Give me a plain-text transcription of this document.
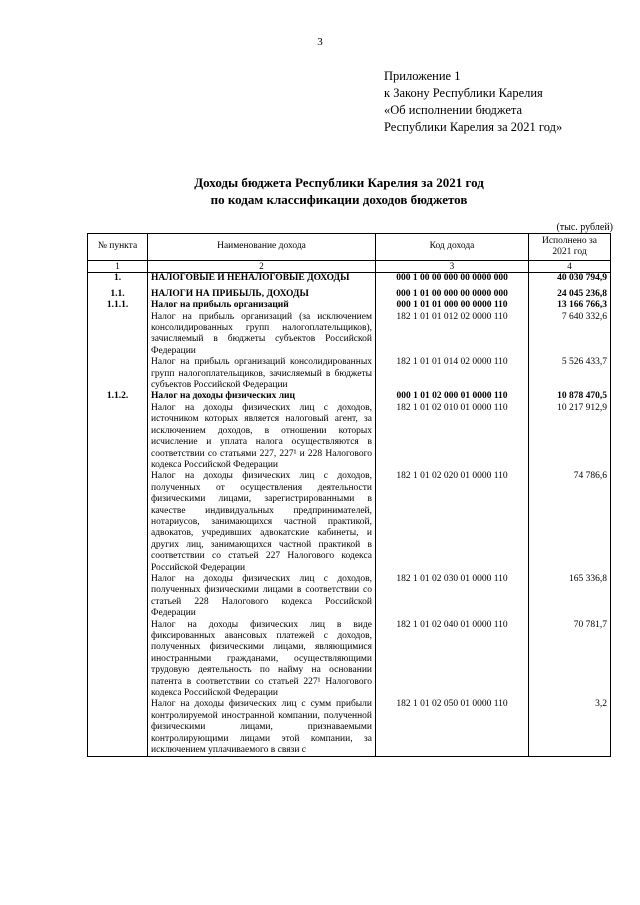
3
Приложение 1
к Закону Республики Карелия
«Об исполнении бюджета
Республики Карелия за 2021 год»
Доходы бюджета Республики Карелия за 2021 год
по кодам классификации доходов бюджетов
(тыс. рублей)
№ пункта	Наименование дохода	Код дохода	Исполнено за 2021 год
1	2	3	4
1.	НАЛОГОВЫЕ И НЕНАЛОГОВЫЕ ДОХОДЫ	000 1 00 00 000 00 0000 000	40 030 794,9

1.1.	НАЛОГИ НА ПРИБЫЛЬ, ДОХОДЫ	000 1 01 00 000 00 0000 000	24 045 236,8
1.1.1.	Налог на прибыль организаций	000 1 01 01 000 00 0000 110	13 166 766,3
	Налог на прибыль организаций (за исключением консолидированных групп налогоплательщиков), зачисляемый в бюджеты субъектов Российской Федерации	182 1 01 01 012 02 0000 110	7 640 332,6
	Налог на прибыль организаций консолидированных групп налогоплательщиков, зачисляемый в бюджеты субъектов Российской Федерации	182 1 01 01 014 02 0000 110	5 526 433,7
1.1.2.	Налог на доходы физических лиц	000 1 01 02 000 01 0000 110	10 878 470,5
	Налог на доходы физических лиц с доходов, источником которых является налоговый агент, за исключением доходов, в отношении которых исчисление и уплата налога осуществляются в соответствии со статьями 227, 227¹ и 228 Налогового кодекса Российской Федерации	182 1 01 02 010 01 0000 110	10 217 912,9
	Налог на доходы физических лиц с доходов, полученных от осуществления деятельности физическими лицами, зарегистрированными в качестве индивидуальных предпринимателей, нотариусов, занимающихся частной практикой, адвокатов, учредивших адвокатские кабинеты, и других лиц, занимающихся частной практикой в соответствии со статьей 227 Налогового кодекса Российской Федерации	182 1 01 02 020 01 0000 110	74 786,6
	Налог на доходы физических лиц с доходов, полученных физическими лицами в соответствии со статьей 228 Налогового кодекса Российской Федерации	182 1 01 02 030 01 0000 110	165 336,8
	Налог на доходы физических лиц в виде фиксированных авансовых платежей с доходов, полученных физическими лицами, являющимися иностранными гражданами, осуществляющими трудовую деятельность по найму на основании патента в соответствии со статьей 227¹ Налогового кодекса Российской Федерации	182 1 01 02 040 01 0000 110	70 781,7
	Налог на доходы физических лиц с сумм прибыли контролируемой иностранной компании, полученной физическими лицами, признаваемыми контролирующими лицами этой компании, за исключением уплачиваемого в связи с	182 1 01 02 050 01 0000 110	3,2
